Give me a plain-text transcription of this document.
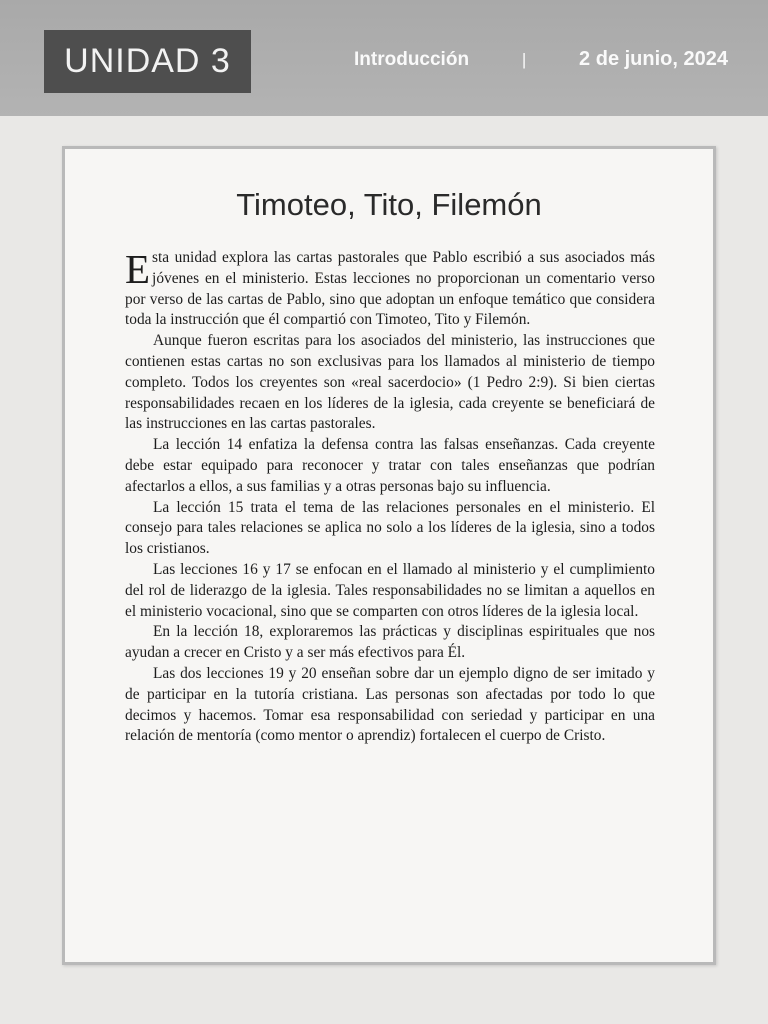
UNIDAD 3	Introducción	|	2 de junio, 2024
Timoteo, Tito, Filemón

Esta unidad explora las cartas pastorales que Pablo escribió a sus asociados más jóvenes en el ministerio. Estas lecciones no proporcionan un comentario verso por verso de las cartas de Pablo, sino que adoptan un enfoque temático que considera toda la instrucción que él compartió con Timoteo, Tito y Filemón.

Aunque fueron escritas para los asociados del ministerio, las instrucciones que contienen estas cartas no son exclusivas para los llamados al ministerio de tiempo completo. Todos los creyentes son «real sacerdocio» (1 Pedro 2:9). Si bien ciertas responsabilidades recaen en los líderes de la iglesia, cada creyente se beneficiará de las instrucciones en las cartas pastorales.

La lección 14 enfatiza la defensa contra las falsas enseñanzas. Cada creyente debe estar equipado para reconocer y tratar con tales enseñanzas que podrían afectarlos a ellos, a sus familias y a otras personas bajo su influencia.

La lección 15 trata el tema de las relaciones personales en el ministerio. El consejo para tales relaciones se aplica no solo a los líderes de la iglesia, sino a todos los cristianos.

Las lecciones 16 y 17 se enfocan en el llamado al ministerio y el cumplimiento del rol de liderazgo de la iglesia. Tales responsabilidades no se limitan a aquellos en el ministerio vocacional, sino que se comparten con otros líderes de la iglesia local.

En la lección 18, exploraremos las prácticas y disciplinas espirituales que nos ayudan a crecer en Cristo y a ser más efectivos para Él.

Las dos lecciones 19 y 20 enseñan sobre dar un ejemplo digno de ser imitado y de participar en la tutoría cristiana. Las personas son afectadas por todo lo que decimos y hacemos. Tomar esa responsabilidad con seriedad y participar en una relación de mentoría (como mentor o aprendiz) fortalecen el cuerpo de Cristo.
